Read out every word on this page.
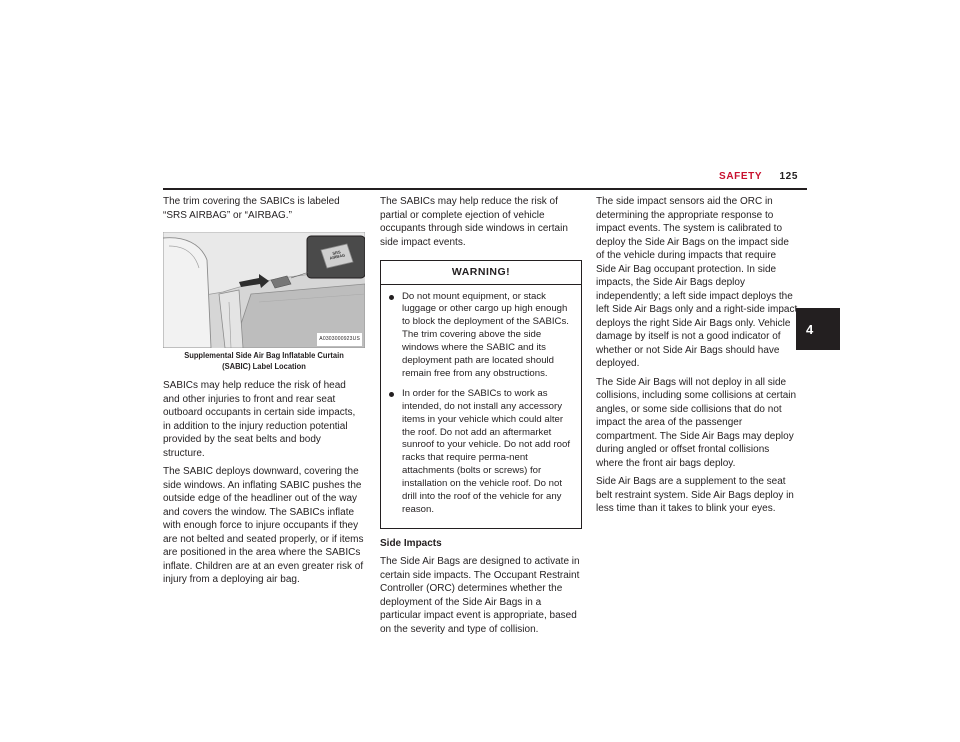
SAFETY 125
4

The trim covering the SABICs is labeled “SRS AIRBAG” or “AIRBAG.”

SRS AIRBAG
A0303000923US
Supplemental Side Air Bag Inflatable Curtain (SABIC) Label Location

SABICs may help reduce the risk of head and other injuries to front and rear seat outboard occupants in certain side impacts, in addition to the injury reduction potential provided by the seat belts and body structure.

The SABIC deploys downward, covering the side windows. An inflating SABIC pushes the outside edge of the headliner out of the way and covers the window. The SABICs inflate with enough force to injure occupants if they are not belted and seated properly, or if items are positioned in the area where the SABICs inflate. Children are at an even greater risk of injury from a deploying air bag.

The SABICs may help reduce the risk of partial or complete ejection of vehicle occupants through side windows in certain side impact events.

WARNING!
Do not mount equipment, or stack luggage or other cargo up high enough to block the deployment of the SABICs. The trim covering above the side windows where the SABIC and its deployment path are located should remain free from any obstructions.
In order for the SABICs to work as intended, do not install any accessory items in your vehicle which could alter the roof. Do not add an aftermarket sunroof to your vehicle. Do not add roof racks that require perma-nent attachments (bolts or screws) for installation on the vehicle roof. Do not drill into the roof of the vehicle for any reason.

Side Impacts

The Side Air Bags are designed to activate in certain side impacts. The Occupant Restraint Controller (ORC) determines whether the deployment of the Side Air Bags in a particular impact event is appropriate, based on the severity and type of collision.

The side impact sensors aid the ORC in determining the appropriate response to impact events. The system is calibrated to deploy the Side Air Bags on the impact side of the vehicle during impacts that require Side Air Bag occupant protection. In side impacts, the Side Air Bags deploy independently; a left side impact deploys the left Side Air Bags only and a right-side impact deploys the right Side Air Bags only. Vehicle damage by itself is not a good indicator of whether or not Side Air Bags should have deployed.

The Side Air Bags will not deploy in all side collisions, including some collisions at certain angles, or some side collisions that do not impact the area of the passenger compartment. The Side Air Bags may deploy during angled or offset frontal collisions where the front air bags deploy.

Side Air Bags are a supplement to the seat belt restraint system. Side Air Bags deploy in less time than it takes to blink your eyes.
